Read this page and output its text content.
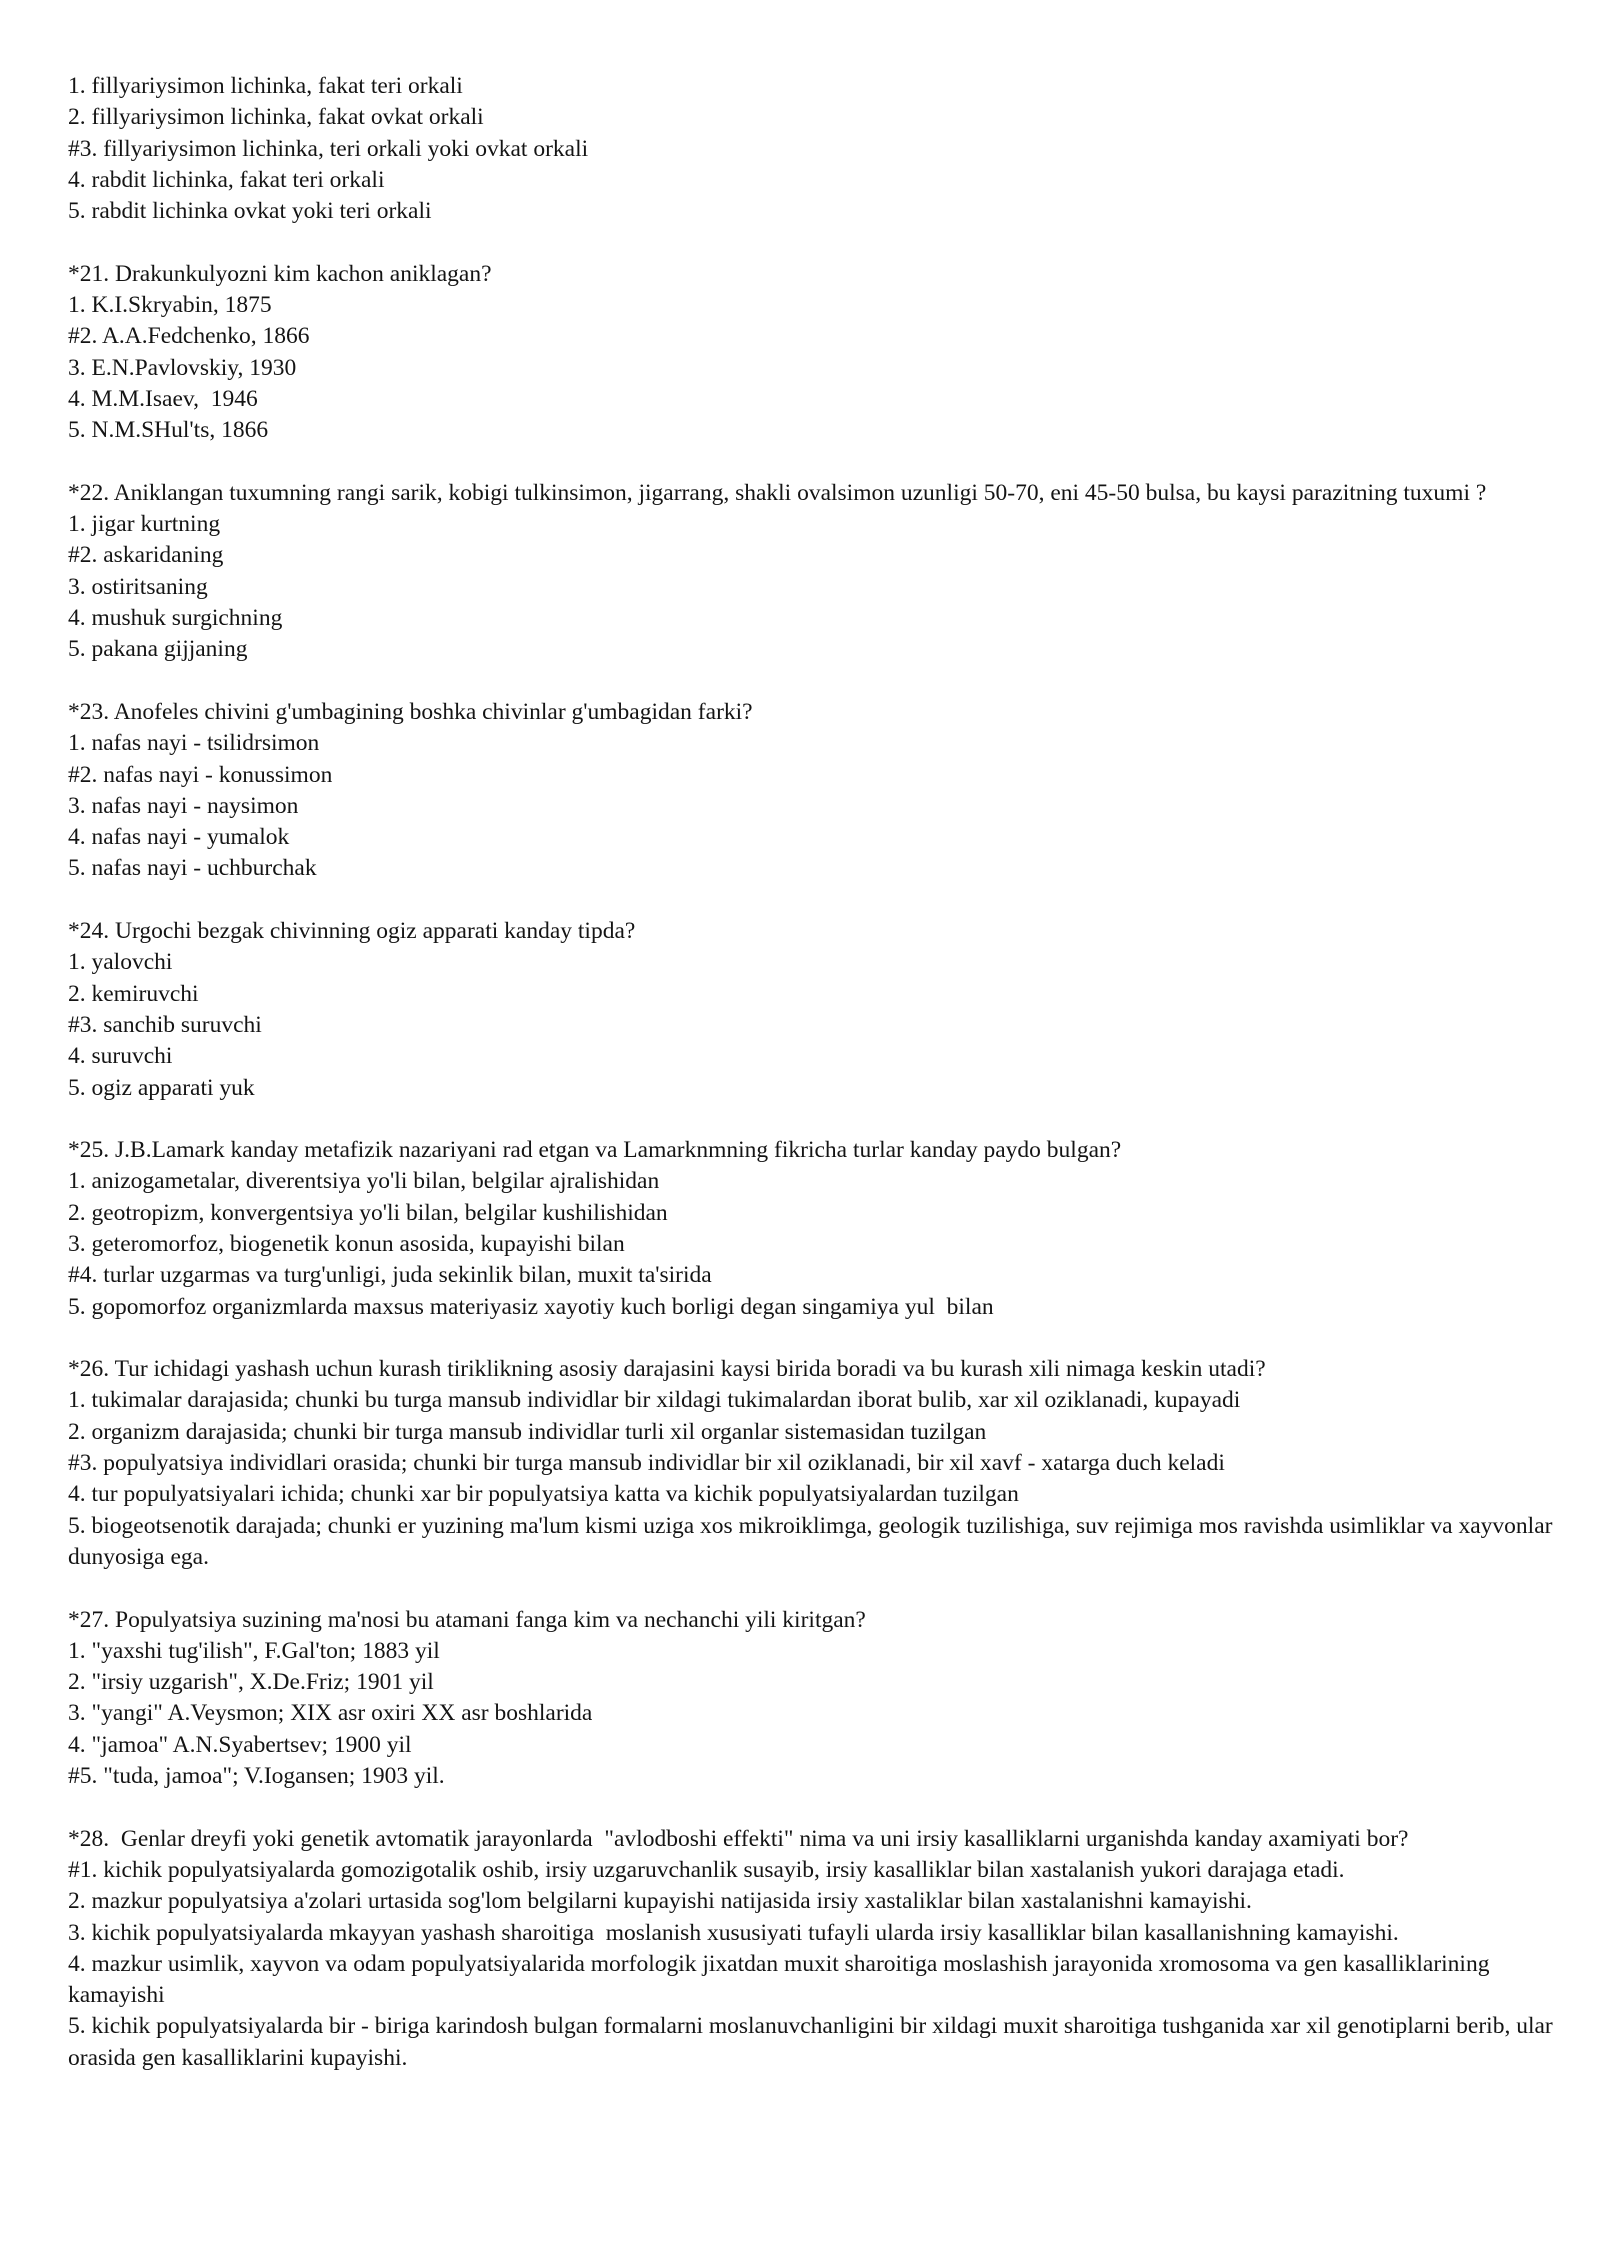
1. fillyariysimon lichinka, fakat teri orkali
2. fillyariysimon lichinka, fakat ovkat orkali
#3. fillyariysimon lichinka, teri orkali yoki ovkat orkali
4. rabdit lichinka, fakat teri orkali
5. rabdit lichinka ovkat yoki teri orkali
*21. Drakunkulyozni kim kachon aniklagan?
1. K.I.Skryabin, 1875
#2. A.A.Fedchenko, 1866
3. E.N.Pavlovskiy, 1930
4. M.M.Isaev,  1946
5. N.M.SHul'ts, 1866
*22. Aniklangan tuxumning rangi sarik, kobigi tulkinsimon, jigarrang, shakli ovalsimon uzunligi 50-70, eni 45-50 bulsa, bu kaysi parazitning tuxumi ?
1. jigar kurtning
#2. askaridaning
3. ostiritsaning
4. mushuk surgichning
5. pakana gijjaning
*23. Anofeles chivini g'umbagining boshka chivinlar g'umbagidan farki?
1. nafas nayi - tsilidrsimon
#2. nafas nayi - konussimon
3. nafas nayi - naysimon
4. nafas nayi - yumalok
5. nafas nayi - uchburchak
*24. Urgochi bezgak chivinning ogiz apparati kanday tipda?
1. yalovchi
2. kemiruvchi
#3. sanchib suruvchi
4. suruvchi
5. ogiz apparati yuk
*25. J.B.Lamark kanday metafizik nazariyani rad etgan va Lamarknmning fikricha turlar kanday paydo bulgan?
1. anizogametalar, diverentsiya yo'li bilan, belgilar ajralishidan
2. geotropizm, konvergentsiya yo'li bilan, belgilar kushilishidan
3. geteromorfoz, biogenetik konun asosida, kupayishi bilan
#4. turlar uzgarmas va turg'unligi, juda sekinlik bilan, muxit ta'sirida
5. gopomorfoz organizmlarda maxsus materiyasiz xayotiy kuch borligi degan singamiya yul  bilan
*26. Tur ichidagi yashash uchun kurash tiriklikning asosiy darajasini kaysi birida boradi va bu kurash xili nimaga keskin utadi?
1. tukimalar darajasida; chunki bu turga mansub individlar bir xildagi tukimalardan iborat bulib, xar xil oziklanadi, kupayadi
2. organizm darajasida; chunki bir turga mansub individlar turli xil organlar sistemasidan tuzilgan
#3. populyatsiya individlari orasida; chunki bir turga mansub individlar bir xil oziklanadi, bir xil xavf - xatarga duch keladi
4. tur populyatsiyalari ichida; chunki xar bir populyatsiya katta va kichik populyatsiyalardan tuzilgan
5. biogeotsenotik darajada; chunki er yuzining ma'lum kismi uziga xos mikroiklimga, geologik tuzilishiga, suv rejimiga mos ravishda usimliklar va xayvonlar dunyosiga ega.
*27. Populyatsiya suzining ma'nosi bu atamani fanga kim va nechanchi yili kiritgan?
1. "yaxshi tug'ilish", F.Gal'ton; 1883 yil
2. "irsiy uzgarish", X.De.Friz; 1901 yil
3. "yangi" A.Veysmon; XIX asr oxiri XX asr boshlarida
4. "jamoa" A.N.Syabertsev; 1900 yil
#5. "tuda, jamoa"; V.Iogansen; 1903 yil.
*28.  Genlar dreyfi yoki genetik avtomatik jarayonlarda  "avlodboshi effekti" nima va uni irsiy kasalliklarni urganishda kanday axamiyati bor?
#1. kichik populyatsiyalarda gomozigotalik oshib, irsiy uzgaruvchanlik susayib, irsiy kasalliklar bilan xastalanish yukori darajaga etadi.
2. mazkur populyatsiya a'zolari urtasida sog'lom belgilarni kupayishi natijasida irsiy xastaliklar bilan xastalanishni kamayishi.
3. kichik populyatsiyalarda mkayyan yashash sharoitiga  moslanish xususiyati tufayli ularda irsiy kasalliklar bilan kasallanishning kamayishi.
4. mazkur usimlik, xayvon va odam populyatsiyalarida morfologik jixatdan muxit sharoitiga moslashish jarayonida xromosoma va gen kasalliklarining kamayishi
5. kichik populyatsiyalarda bir - biriga karindosh bulgan formalarni moslanuvchanligini bir xildagi muxit sharoitiga tushganida xar xil genotiplarni berib, ular orasida gen kasalliklarini kupayishi.
